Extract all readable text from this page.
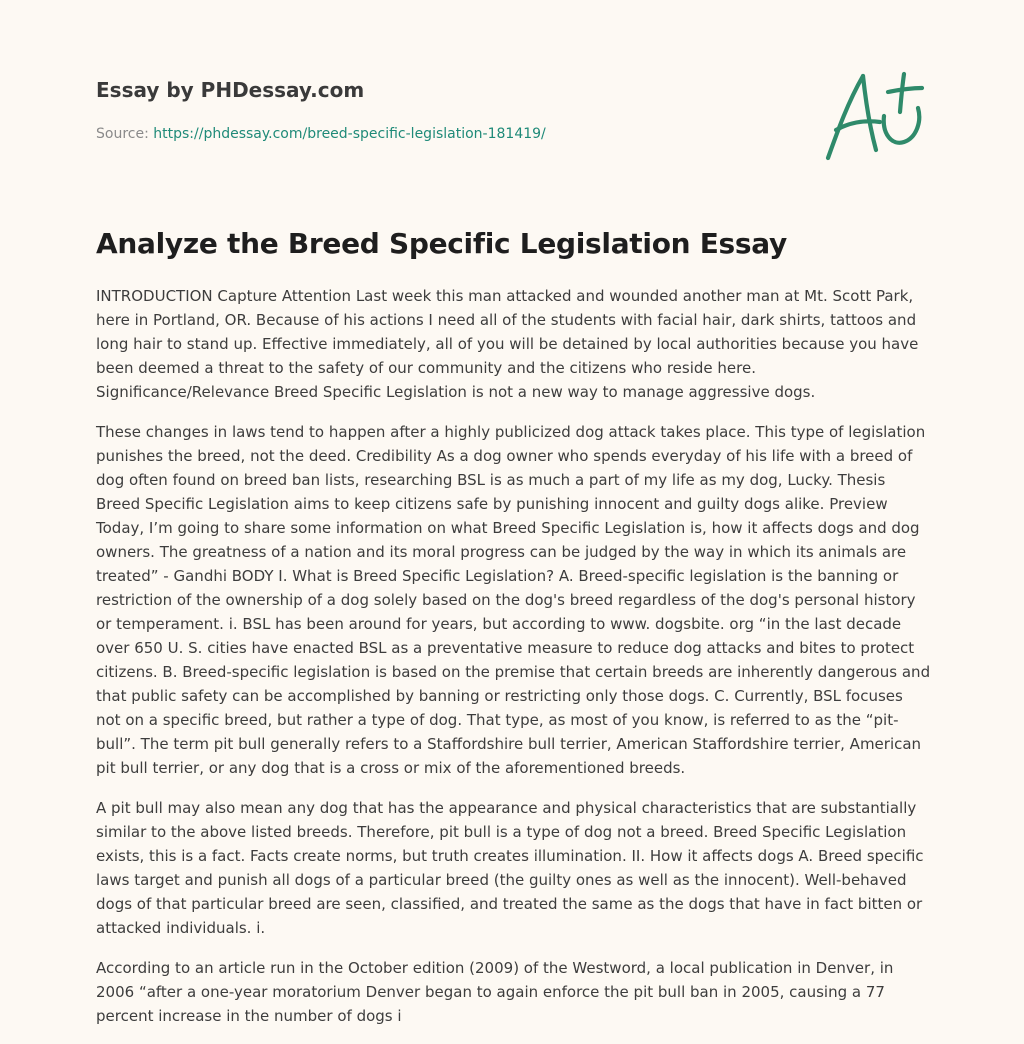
Essay by PHDessay.com

Source: https://phdessay.com/breed-specific-legislation-181419/
Analyze the Breed Specific Legislation Essay

INTRODUCTION Capture Attention Last week this man attacked and wounded another man at Mt. Scott Park, here in Portland, OR. Because of his actions I need all of the students with facial hair, dark shirts, tattoos and long hair to stand up. Effective immediately, all of you will be detained by local authorities because you have been deemed a threat to the safety of our community and the citizens who reside here. Significance/Relevance Breed Specific Legislation is not a new way to manage aggressive dogs.

These changes in laws tend to happen after a highly publicized dog attack takes place. This type of legislation punishes the breed, not the deed. Credibility As a dog owner who spends everyday of his life with a breed of dog often found on breed ban lists, researching BSL is as much a part of my life as my dog, Lucky. Thesis Breed Specific Legislation aims to keep citizens safe by punishing innocent and guilty dogs alike. Preview Today, I’m going to share some information on what Breed Specific Legislation is, how it affects dogs and dog owners. The greatness of a nation and its moral progress can be judged by the way in which its animals are treated” - Gandhi BODY I. What is Breed Specific Legislation? A. Breed-specific legislation is the banning or restriction of the ownership of a dog solely based on the dog's breed regardless of the dog's personal history or temperament. i. BSL has been around for years, but according to www. dogsbite. org “in the last decade over 650 U. S. cities have enacted BSL as a preventative measure to reduce dog attacks and bites to protect citizens. B. Breed-specific legislation is based on the premise that certain breeds are inherently dangerous and that public safety can be accomplished by banning or restricting only those dogs. C. Currently, BSL focuses not on a specific breed, but rather a type of dog. That type, as most of you know, is referred to as the “pit-bull”. The term pit bull generally refers to a Staffordshire bull terrier, American Staffordshire terrier, American pit bull terrier, or any dog that is a cross or mix of the aforementioned breeds.

A pit bull may also mean any dog that has the appearance and physical characteristics that are substantially similar to the above listed breeds. Therefore, pit bull is a type of dog not a breed. Breed Specific Legislation exists, this is a fact. Facts create norms, but truth creates illumination. II. How it affects dogs A. Breed specific laws target and punish all dogs of a particular breed (the guilty ones as well as the innocent). Well-behaved dogs of that particular breed are seen, classified, and treated the same as the dogs that have in fact bitten or attacked individuals. i.

According to an article run in the October edition (2009) of the Westword, a local publication in Denver, in 2006 “after a one-year moratorium Denver began to again enforce the pit bull ban in 2005, causing a 77 percent increase in the number of dogs i
